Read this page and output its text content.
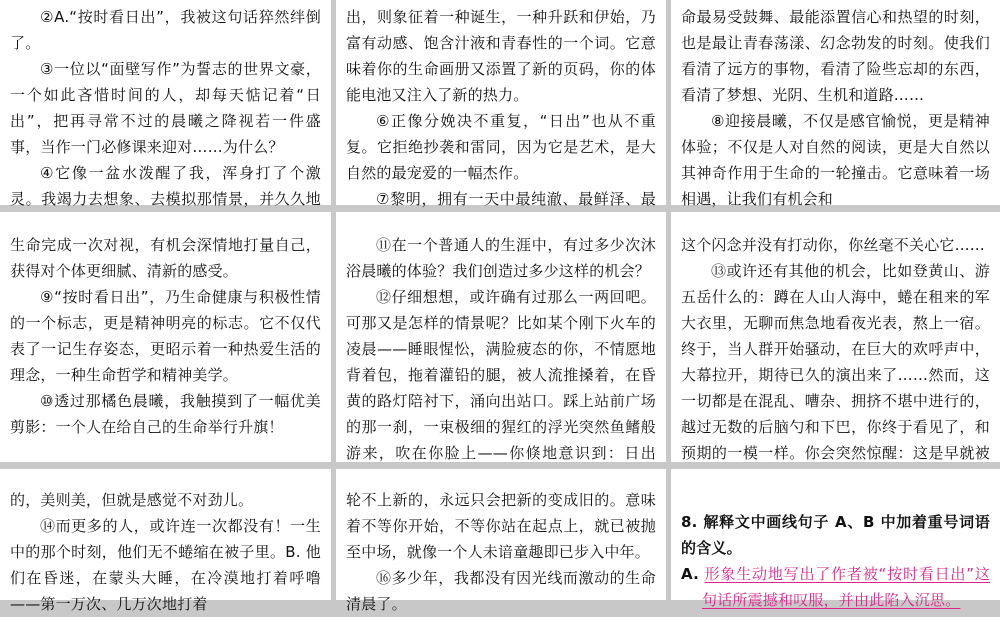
②A.“按时看日出”，我被这句话猝然绊倒了。

③一位以“面壁写作”为誓志的世界文豪，一个如此吝惜时间的人，却每天惦记着“日出”，把再寻常不过的晨曦之降视若一件盛事，当作一门必修课来迎对……为什么？

④它像一盆水泼醒了我，浑身打了个激灵。我竭力去想象、去模拟那情景，并久久地

出，则象征着一种诞生，一种升跃和伊始，乃富有动感、饱含汁液和青春性的一个词。它意味着你的生命画册又添置了新的页码，你的体能电池又注入了新的热力。

⑥正像分娩决不重复，“日出”也从不重复。它拒绝抄袭和雷同，因为它是艺术，是大自然的最宠爱的一幅杰作。

⑦黎明，拥有一天中最纯澈、最鲜泽、最

命最易受鼓舞、最能添置信心和热望的时刻，也是最让青春荡漾、幻念勃发的时刻。使我们看清了远方的事物，看清了险些忘却的东西，看清了梦想、光阴、生机和道路……

⑧迎接晨曦，不仅是感官愉悦，更是精神体验；不仅是人对自然的阅读，更是大自然以其神奇作用于生命的一轮撞击。它意味着一场相遇，让我们有机会和

生命完成一次对视，有机会深情地打量自己，获得对个体更细腻、清新的感受。

⑨“按时看日出”，乃生命健康与积极性情的一个标志，更是精神明亮的标志。它不仅代表了一记生存姿态，更昭示着一种热爱生活的理念，一种生命哲学和精神美学。

⑩透过那橘色晨曦，我触摸到了一幅优美剪影：一个人在给自己的生命举行升旗！

⑪在一个普通人的生涯中，有过多少次沐浴晨曦的体验？我们创造过多少这样的机会？

⑫仔细想想，或许确有过那么一两回吧。可那又是怎样的情景呢？比如某个刚下火车的凌晨——睡眼惺忪，满脸疲态的你，不情愿地背着包，拖着灌铅的腿，被人流推搡着，在昏黄的路灯陪衬下，涌向出站口。踩上站前广场的那一刹，一束极细的猩红的浮光突然鱼鳍般游来，吹在你脸上——你倏地意识到：日出

这个闪念并没有打动你，你丝毫不关心它……

⑬或许还有其他的机会，比如登黄山、游五岳什么的：蹲在人山人海中，蜷在租来的军大衣里，无聊而焦急地看夜光表，熬上一宿。终于，当人群开始骚动，在巨大的欢呼声中，大幕拉开，期待已久的演出来了……然而，这一切都是在混乱、嘈杂、拥挤不堪中进行的，越过无数的后脑勺和下巴，你终于看见了，和预期的一模一样。你会突然惊醒：这是早就被

的，美则美，但就是感觉不对劲儿。

⑭而更多的人，或许连一次都没有！一生中的那个时刻，他们无不蜷缩在被子里。B. 他们在昏迷，在蒙头大睡，在冷漠地打着呼噜——第一万次、几万次地打着

轮不上新的，永远只会把新的变成旧的。意味着不等你开始，不等你站在起点上，就已被抛至中场，就像一个人未谙童趣即已步入中年。

⑯多少年，我都没有因光线而激动的生命清晨了。

8. 解释文中画线句子 A、B 中加着重号词语的含义。

A. 形象生动地写出了作者被“按时看日出”这句话所震撼和叹服，并由此陷入沉思。
